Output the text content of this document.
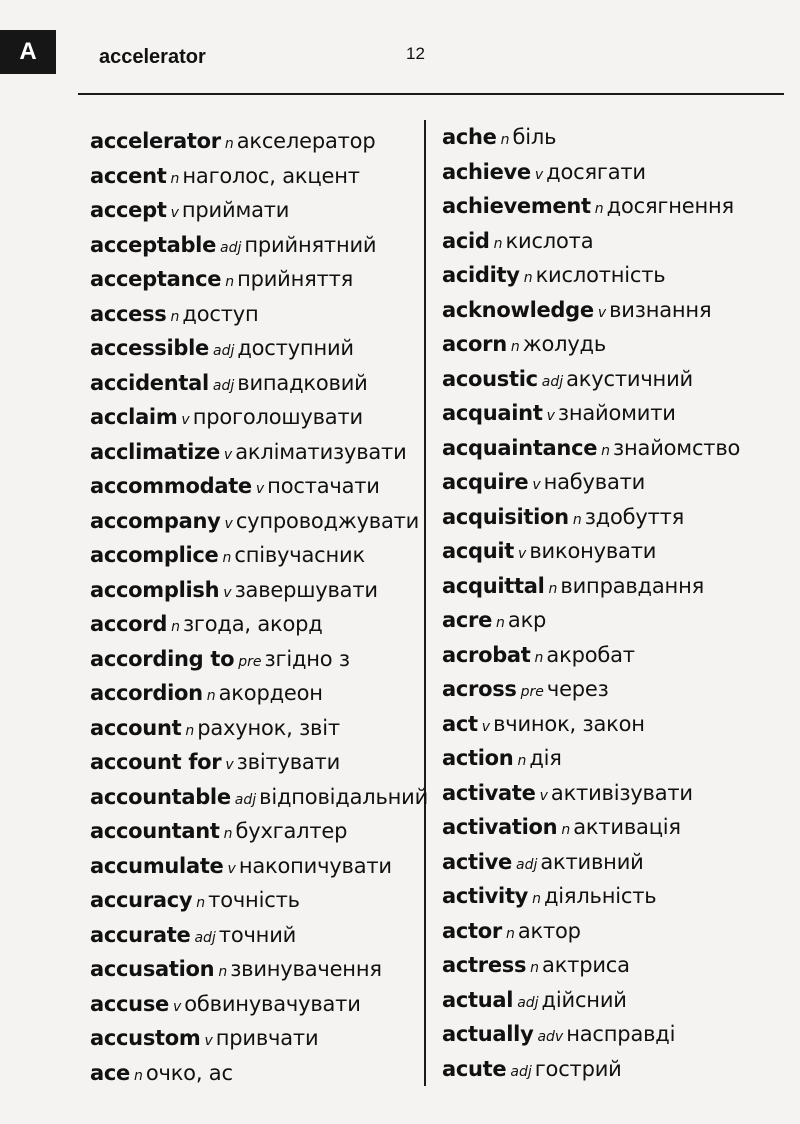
A	accelerator	12
accelerator n акселератор
accent n наголос, акцент
accept v приймати
acceptable adj прийнятний
acceptance n прийняття
access n доступ
accessible adj доступний
accidental adj випадковий
acclaim v проголошувати
acclimatize v акліматизувати
accommodate v постачати
accompany v супроводжувати
accomplice n співучасник
accomplish v завершувати
accord n згода, акорд
according to pre згідно з
accordion n акордеон
account n рахунок, звіт
account for v звітувати
accountable adj відповідальний
accountant n бухгалтер
accumulate v накопичувати
accuracy n точність
accurate adj точний
accusation n звинувачення
accuse v обвинувачувати
accustom v привчати
ace n очко, ас
ache n біль
achieve v досягати
achievement n досягнення
acid n кислота
acidity n кислотність
acknowledge v визнання
acorn n жолудь
acoustic adj акустичний
acquaint v знайомити
acquaintance n знайомство
acquire v набувати
acquisition n здобуття
acquit v виконувати
acquittal n виправдання
acre n акр
acrobat n акробат
across pre через
act v вчинок, закон
action n дія
activate v активізувати
activation n активація
active adj активний
activity n діяльність
actor n актор
actress n актриса
actual adj дійсний
actually adv насправді
acute adj гострий
